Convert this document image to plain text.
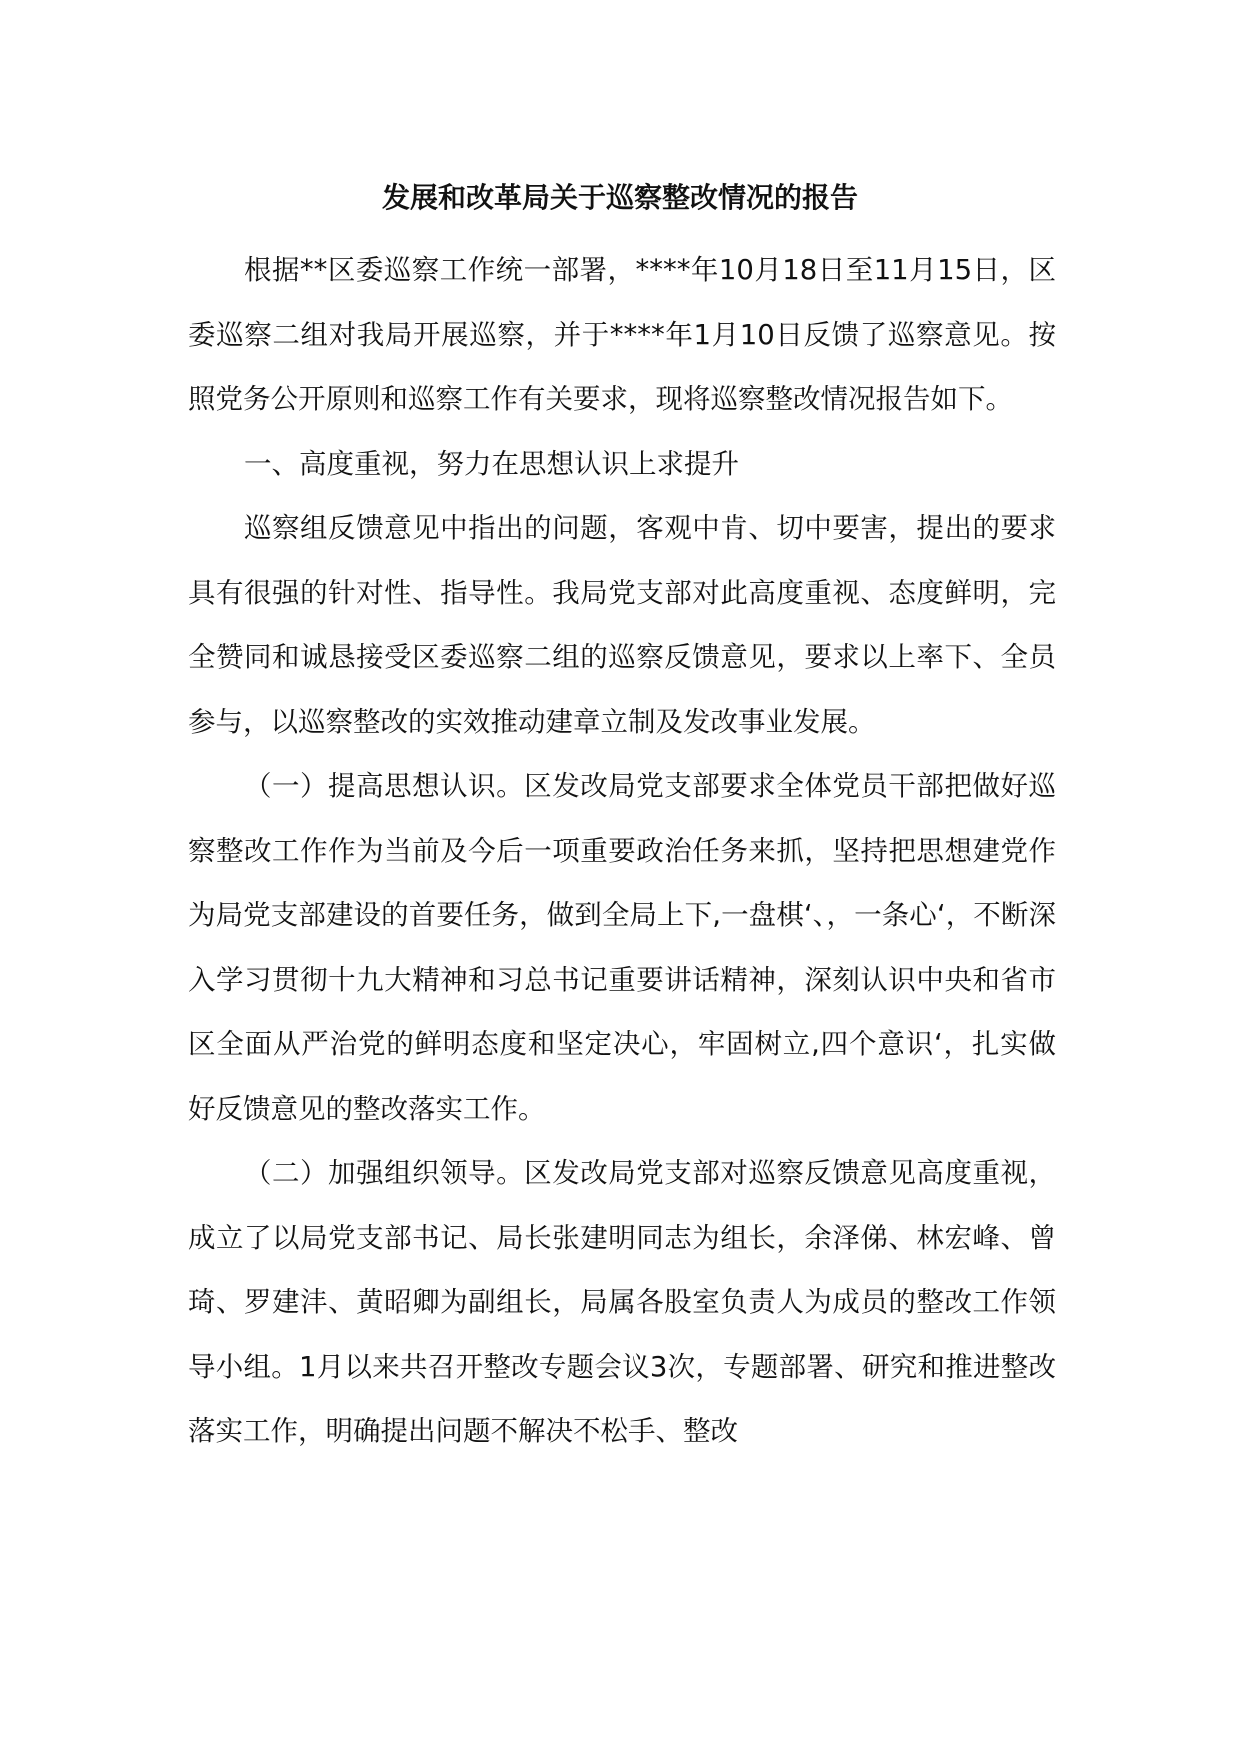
发展和改革局关于巡察整改情况的报告

根据**区委巡察工作统一部署，****年10月18日至11月15日，区委巡察二组对我局开展巡察，并于****年1月10日反馈了巡察意见。按照党务公开原则和巡察工作有关要求，现将巡察整改情况报告如下。

一、高度重视，努力在思想认识上求提升

巡察组反馈意见中指出的问题，客观中肯、切中要害，提出的要求具有很强的针对性、指导性。我局党支部对此高度重视、态度鲜明，完全赞同和诚恳接受区委巡察二组的巡察反馈意见，要求以上率下、全员参与，以巡察整改的实效推动建章立制及发改事业发展。

（一）提高思想认识。区发改局党支部要求全体党员干部把做好巡察整改工作作为当前及今后一项重要政治任务来抓，坚持把思想建党作为局党支部建设的首要任务，做到全局上下,一盘棋‘、，一条心‘，不断深入学习贯彻十九大精神和习总书记重要讲话精神，深刻认识中央和省市区全面从严治党的鲜明态度和坚定决心，牢固树立,四个意识‘，扎实做好反馈意见的整改落实工作。

（二）加强组织领导。区发改局党支部对巡察反馈意见高度重视，成立了以局党支部书记、局长张建明同志为组长，余泽俤、林宏峰、曾琦、罗建沣、黄昭卿为副组长，局属各股室负责人为成员的整改工作领导小组。1月以来共召开整改专题会议3次，专题部署、研究和推进整改落实工作，明确提出问题不解决不松手、整改
